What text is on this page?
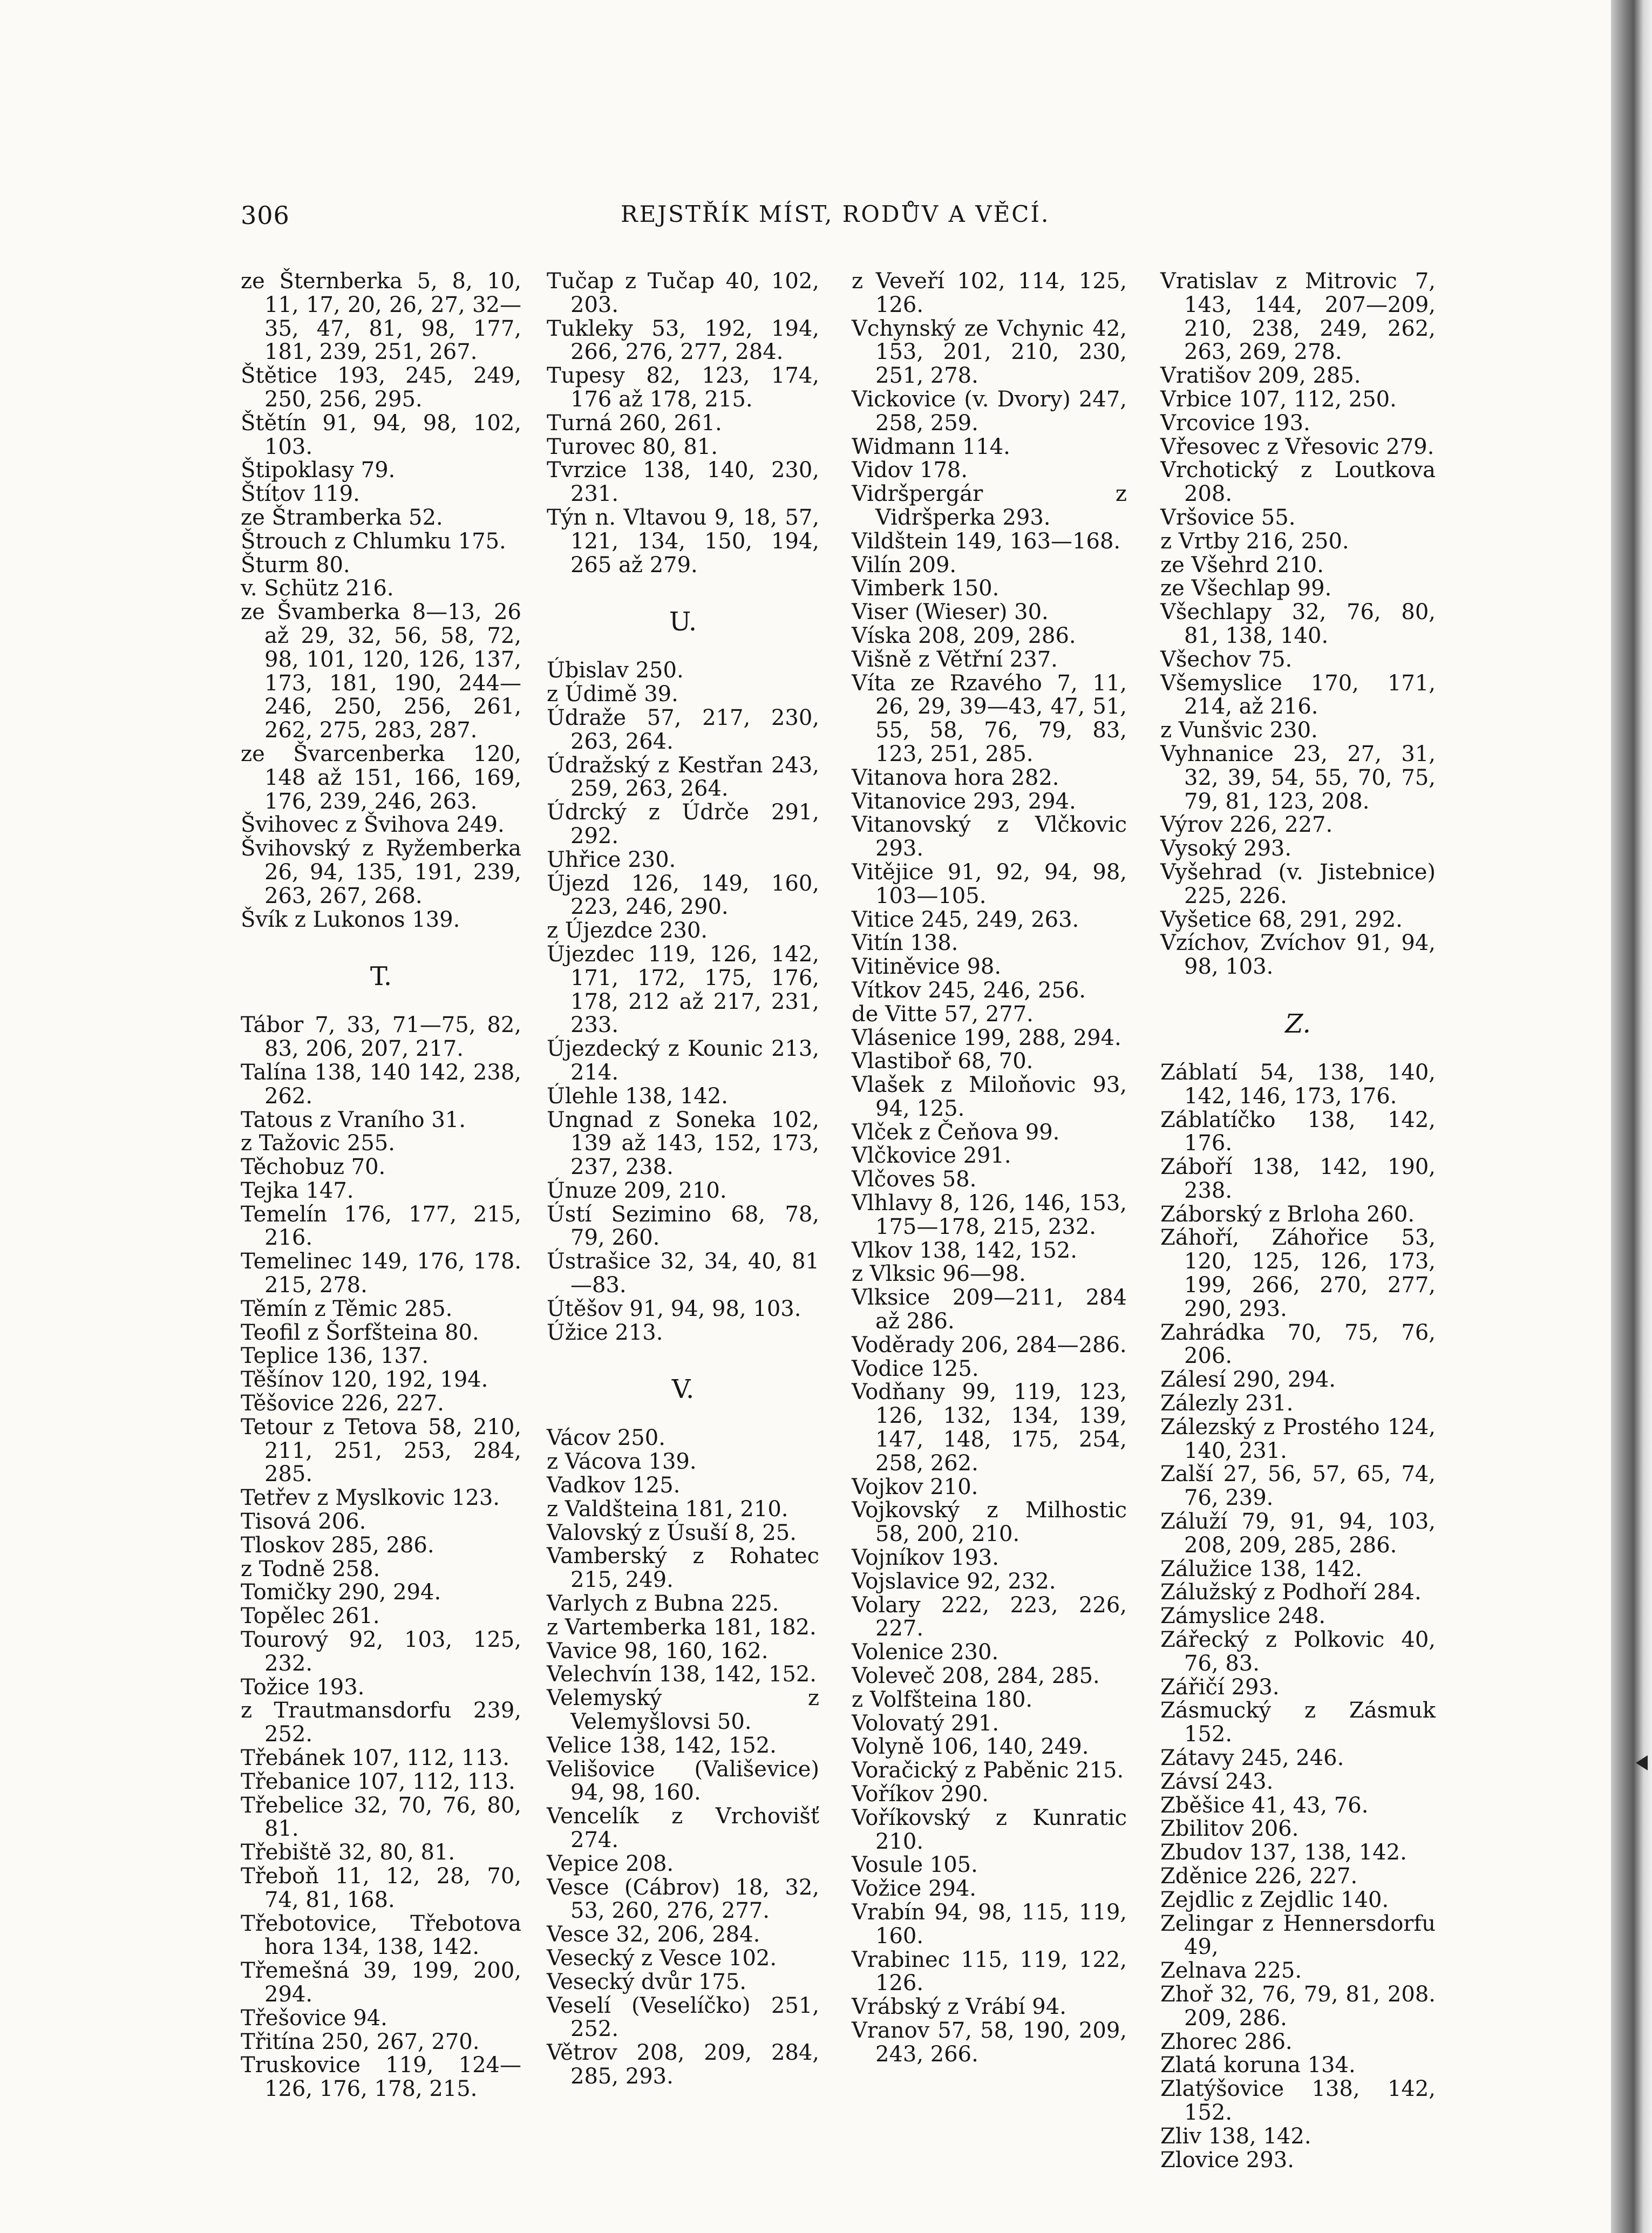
306	REJSTŘÍK MÍST, RODŮV A VĚCÍ.
ze Šternberka 5, 8, 10, 11, 17, 20, 26, 27, 32—35, 47, 81, 98, 177, 181, 239, 251, 267.
Štětice 193, 245, 249, 250, 256, 295.
Štětín 91, 94, 98, 102, 103.
Štipoklasy 79.
Štítov 119.
ze Štramberka 52.
Štrouch z Chlumku 175.
Šturm 80.
v. Schütz 216.
ze Švamberka 8—13, 26 až 29, 32, 56, 58, 72, 98, 101, 120, 126, 137, 173, 181, 190, 244—246, 250, 256, 261, 262, 275, 283, 287.
ze Švarcenberka 120, 148 až 151, 166, 169, 176, 239, 246, 263.
Švihovec z Švihova 249.
Švihovský z Ryžemberka 26, 94, 135, 191, 239, 263, 267, 268.
Švík z Lukonos 139.
T.
Tábor 7, 33, 71—75, 82, 83, 206, 207, 217.
Talína 138, 140 142, 238, 262.
Tatous z Vraního 31.
z Tažovic 255.
Těchobuz 70.
Tejka 147.
Temelín 176, 177, 215, 216.
Temelinec 149, 176, 178. 215, 278.
Těmín z Těmic 285.
Teofil z Šorfšteina 80.
Teplice 136, 137.
Těšínov 120, 192, 194.
Těšovice 226, 227.
Tetour z Tetova 58, 210, 211, 251, 253, 284, 285.
Tetřev z Myslkovic 123.
Tisová 206.
Tloskov 285, 286.
z Todně 258.
Tomičky 290, 294.
Topělec 261.
Tourový 92, 103, 125, 232.
Tožice 193.
z Trautmansdorfu 239, 252.
Třebánek 107, 112, 113.
Třebanice 107, 112, 113.
Třebelice 32, 70, 76, 80, 81.
Třebiště 32, 80, 81.
Třeboň 11, 12, 28, 70, 74, 81, 168.
Třebotovice, Třebotova hora 134, 138, 142.
Třemešná 39, 199, 200, 294.
Třešovice 94.
Třitína 250, 267, 270.
Truskovice 119, 124—126, 176, 178, 215.
Tučap z Tučap 40, 102, 203.
Tukleky 53, 192, 194, 266, 276, 277, 284.
Tupesy 82, 123, 174, 176 až 178, 215.
Turná 260, 261.
Turovec 80, 81.
Tvrzice 138, 140, 230, 231.
Týn n. Vltavou 9, 18, 57, 121, 134, 150, 194, 265 až 279.
U.
Úbislav 250.
z Údimě 39.
Údraže 57, 217, 230, 263, 264.
Údražský z Kestřan 243, 259, 263, 264.
Údrcký z Údrče 291, 292.
Uhřice 230.
Újezd 126, 149, 160, 223, 246, 290.
z Újezdce 230.
Újezdec 119, 126, 142, 171, 172, 175, 176, 178, 212 až 217, 231, 233.
Újezdecký z Kounic 213, 214.
Úlehle 138, 142.
Ungnad z Soneka 102, 139 až 143, 152, 173, 237, 238.
Únuze 209, 210.
Ústí Sezimino 68, 78, 79, 260.
Ústrašice 32, 34, 40, 81—83.
Útěšov 91, 94, 98, 103.
Úžice 213.
V.
Vácov 250.
z Vácova 139.
Vadkov 125.
z Valdšteina 181, 210.
Valovský z Úsuší 8, 25.
Vamberský z Rohatec 215, 249.
Varlych z Bubna 225.
z Vartemberka 181, 182.
Vavice 98, 160, 162.
Velechvín 138, 142, 152.
Velemyský z Velemyšlovsi 50.
Velice 138, 142, 152.
Velišovice (Vališevice) 94, 98, 160.
Vencelík z Vrchovišť 274.
Vepice 208.
Vesce (Cábrov) 18, 32, 53, 260, 276, 277.
Vesce 32, 206, 284.
Vesecký z Vesce 102.
Vesecký dvůr 175.
Veselí (Veselíčko) 251, 252.
Větrov 208, 209, 284, 285, 293.
z Veveří 102, 114, 125, 126.
Vchynský ze Vchynic 42, 153, 201, 210, 230, 251, 278.
Vickovice (v. Dvory) 247, 258, 259.
Widmann 114.
Vidov 178.
Vidršpergár z Vidršperka 293.
Vildštein 149, 163—168.
Vilín 209.
Vimberk 150.
Viser (Wieser) 30.
Víska 208, 209, 286.
Višně z Větřní 237.
Víta ze Rzavého 7, 11, 26, 29, 39—43, 47, 51, 55, 58, 76, 79, 83, 123, 251, 285.
Vitanova hora 282.
Vitanovice 293, 294.
Vitanovský z Vlčkovic 293.
Vitějice 91, 92, 94, 98, 103—105.
Vitice 245, 249, 263.
Vitín 138.
Vitiněvice 98.
Vítkov 245, 246, 256.
de Vitte 57, 277.
Vlásenice 199, 288, 294.
Vlastiboř 68, 70.
Vlašek z Miloňovic 93, 94, 125.
Vlček z Čeňova 99.
Vlčkovice 291.
Vlčoves 58.
Vlhlavy 8, 126, 146, 153, 175—178, 215, 232.
Vlkov 138, 142, 152.
z Vlksic 96—98.
Vlksice 209—211, 284 až 286.
Voděrady 206, 284—286.
Vodice 125.
Vodňany 99, 119, 123, 126, 132, 134, 139, 147, 148, 175, 254, 258, 262.
Vojkov 210.
Vojkovský z Milhostic 58, 200, 210.
Vojníkov 193.
Vojslavice 92, 232.
Volary 222, 223, 226, 227.
Volenice 230.
Voleveč 208, 284, 285.
z Volfšteina 180.
Volovatý 291.
Volyně 106, 140, 249.
Voračický z Paběnic 215.
Voříkov 290.
Voříkovský z Kunratic 210.
Vosule 105.
Vožice 294.
Vrabín 94, 98, 115, 119, 160.
Vrabinec 115, 119, 122, 126.
Vrábský z Vrábí 94.
Vranov 57, 58, 190, 209, 243, 266.
Vratislav z Mitrovic 7, 143, 144, 207—209, 210, 238, 249, 262, 263, 269, 278.
Vratišov 209, 285.
Vrbice 107, 112, 250.
Vrcovice 193.
Vřesovec z Vřesovic 279.
Vrchotický z Loutkova 208.
Vršovice 55.
z Vrtby 216, 250.
ze Všehrd 210.
ze Všechlap 99.
Všechlapy 32, 76, 80, 81, 138, 140.
Všechov 75.
Všemyslice 170, 171, 214, až 216.
z Vunšvic 230.
Vyhnanice 23, 27, 31, 32, 39, 54, 55, 70, 75, 79, 81, 123, 208.
Výrov 226, 227.
Vysoký 293.
Vyšehrad (v. Jistebnice) 225, 226.
Vyšetice 68, 291, 292.
Vzíchov, Zvíchov 91, 94, 98, 103.
Z.
Záblatí 54, 138, 140, 142, 146, 173, 176.
Záblatíčko 138, 142, 176.
Záboří 138, 142, 190, 238.
Záborský z Brloha 260.
Záhoří, Záhořice 53, 120, 125, 126, 173, 199, 266, 270, 277, 290, 293.
Zahrádka 70, 75, 76, 206.
Zálesí 290, 294.
Zálezly 231.
Zálezský z Prostého 124, 140, 231.
Zalší 27, 56, 57, 65, 74, 76, 239.
Záluží 79, 91, 94, 103, 208, 209, 285, 286.
Zálužice 138, 142.
Zálužský z Podhoří 284.
Zámyslice 248.
Zářecký z Polkovic 40, 76, 83.
Zářičí 293.
Zásmucký z Zásmuk 152.
Zátavy 245, 246.
Závsí 243.
Zběšice 41, 43, 76.
Zbilitov 206.
Zbudov 137, 138, 142.
Zděnice 226, 227.
Zejdlic z Zejdlic 140.
Zelingar z Hennersdorfu 49,
Zelnava 225.
Zhoř 32, 76, 79, 81, 208. 209, 286.
Zhorec 286.
Zlatá koruna 134.
Zlatýšovice 138, 142, 152.
Zliv 138, 142.
Zlovice 293.
